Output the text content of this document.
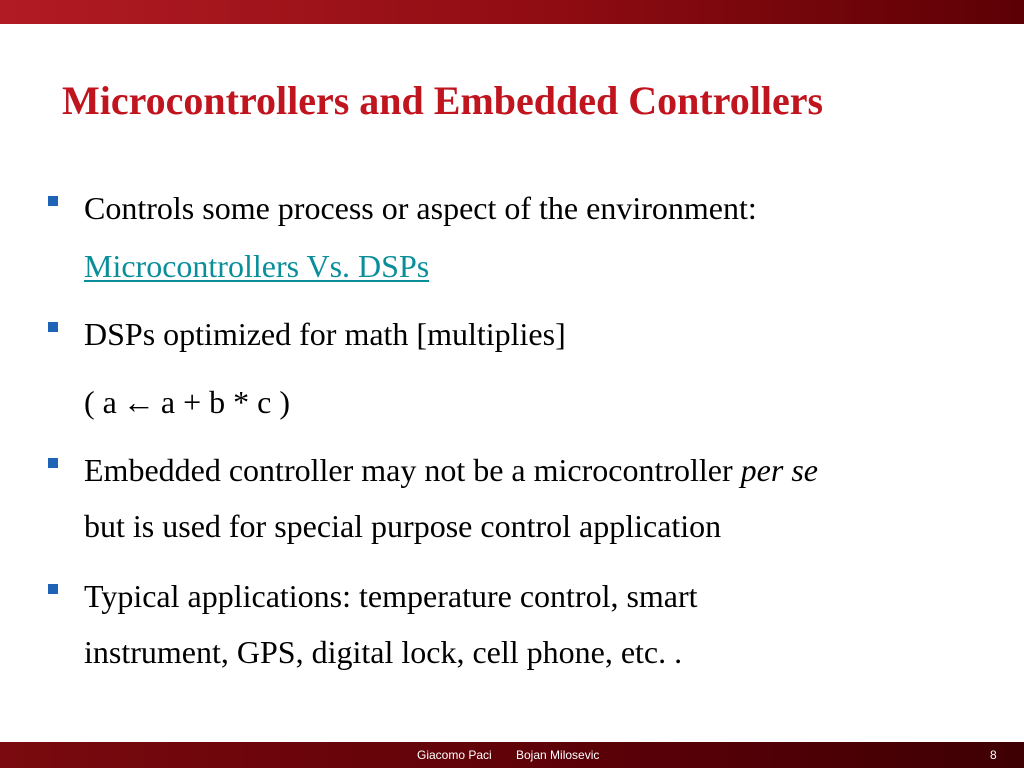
Microcontrollers and Embedded Controllers
Controls some process or aspect of the environment:
Microcontrollers Vs. DSPs
DSPs optimized for math [multiplies]
( a ← a + b * c )
Embedded controller may not be a microcontroller per se
but is used for special purpose control application
Typical applications: temperature control, smart
instrument, GPS, digital lock, cell phone, etc. .
Giacomo Paci Bojan Milosevic	8
